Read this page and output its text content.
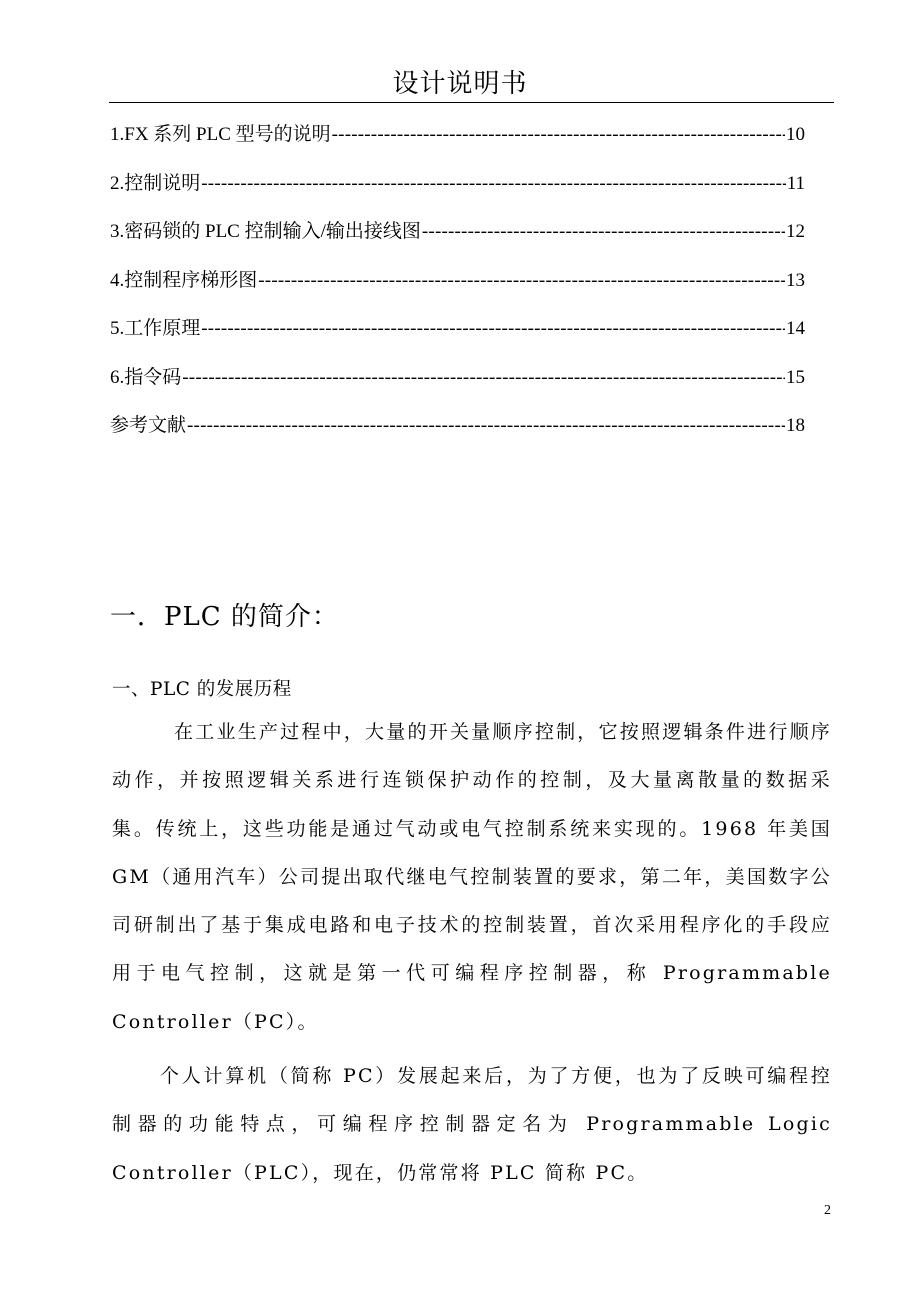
设计说明书
1.FX 系列 PLC 型号的说明 -----	10
2.控制说明 -----	11
3.密码锁的 PLC 控制输入/输出接线图 -----	12
4.控制程序梯形图 -----	13
5.工作原理 -----	14
6.指令码 -----	15
参考文献 -----	18
一．PLC 的简介：
一、PLC 的发展历程

在工业生产过程中，大量的开关量顺序控制，它按照逻辑条件进行顺序动作，并按照逻辑关系进行连锁保护动作的控制，及大量离散量的数据采集。传统上，这些功能是通过气动或电气控制系统来实现的。1968 年美国 GM（通用汽车）公司提出取代继电气控制装置的要求，第二年，美国数字公司研制出了基于集成电路和电子技术的控制装置，首次采用程序化的手段应用于电气控制，这就是第一代可编程序控制器，称 Programmable Controller（PC）。

个人计算机（简称 PC）发展起来后，为了方便，也为了反映可编程控制器的功能特点，可编程序控制器定名为 Programmable Logic Controller（PLC），现在，仍常常将 PLC 简称 PC。

2
